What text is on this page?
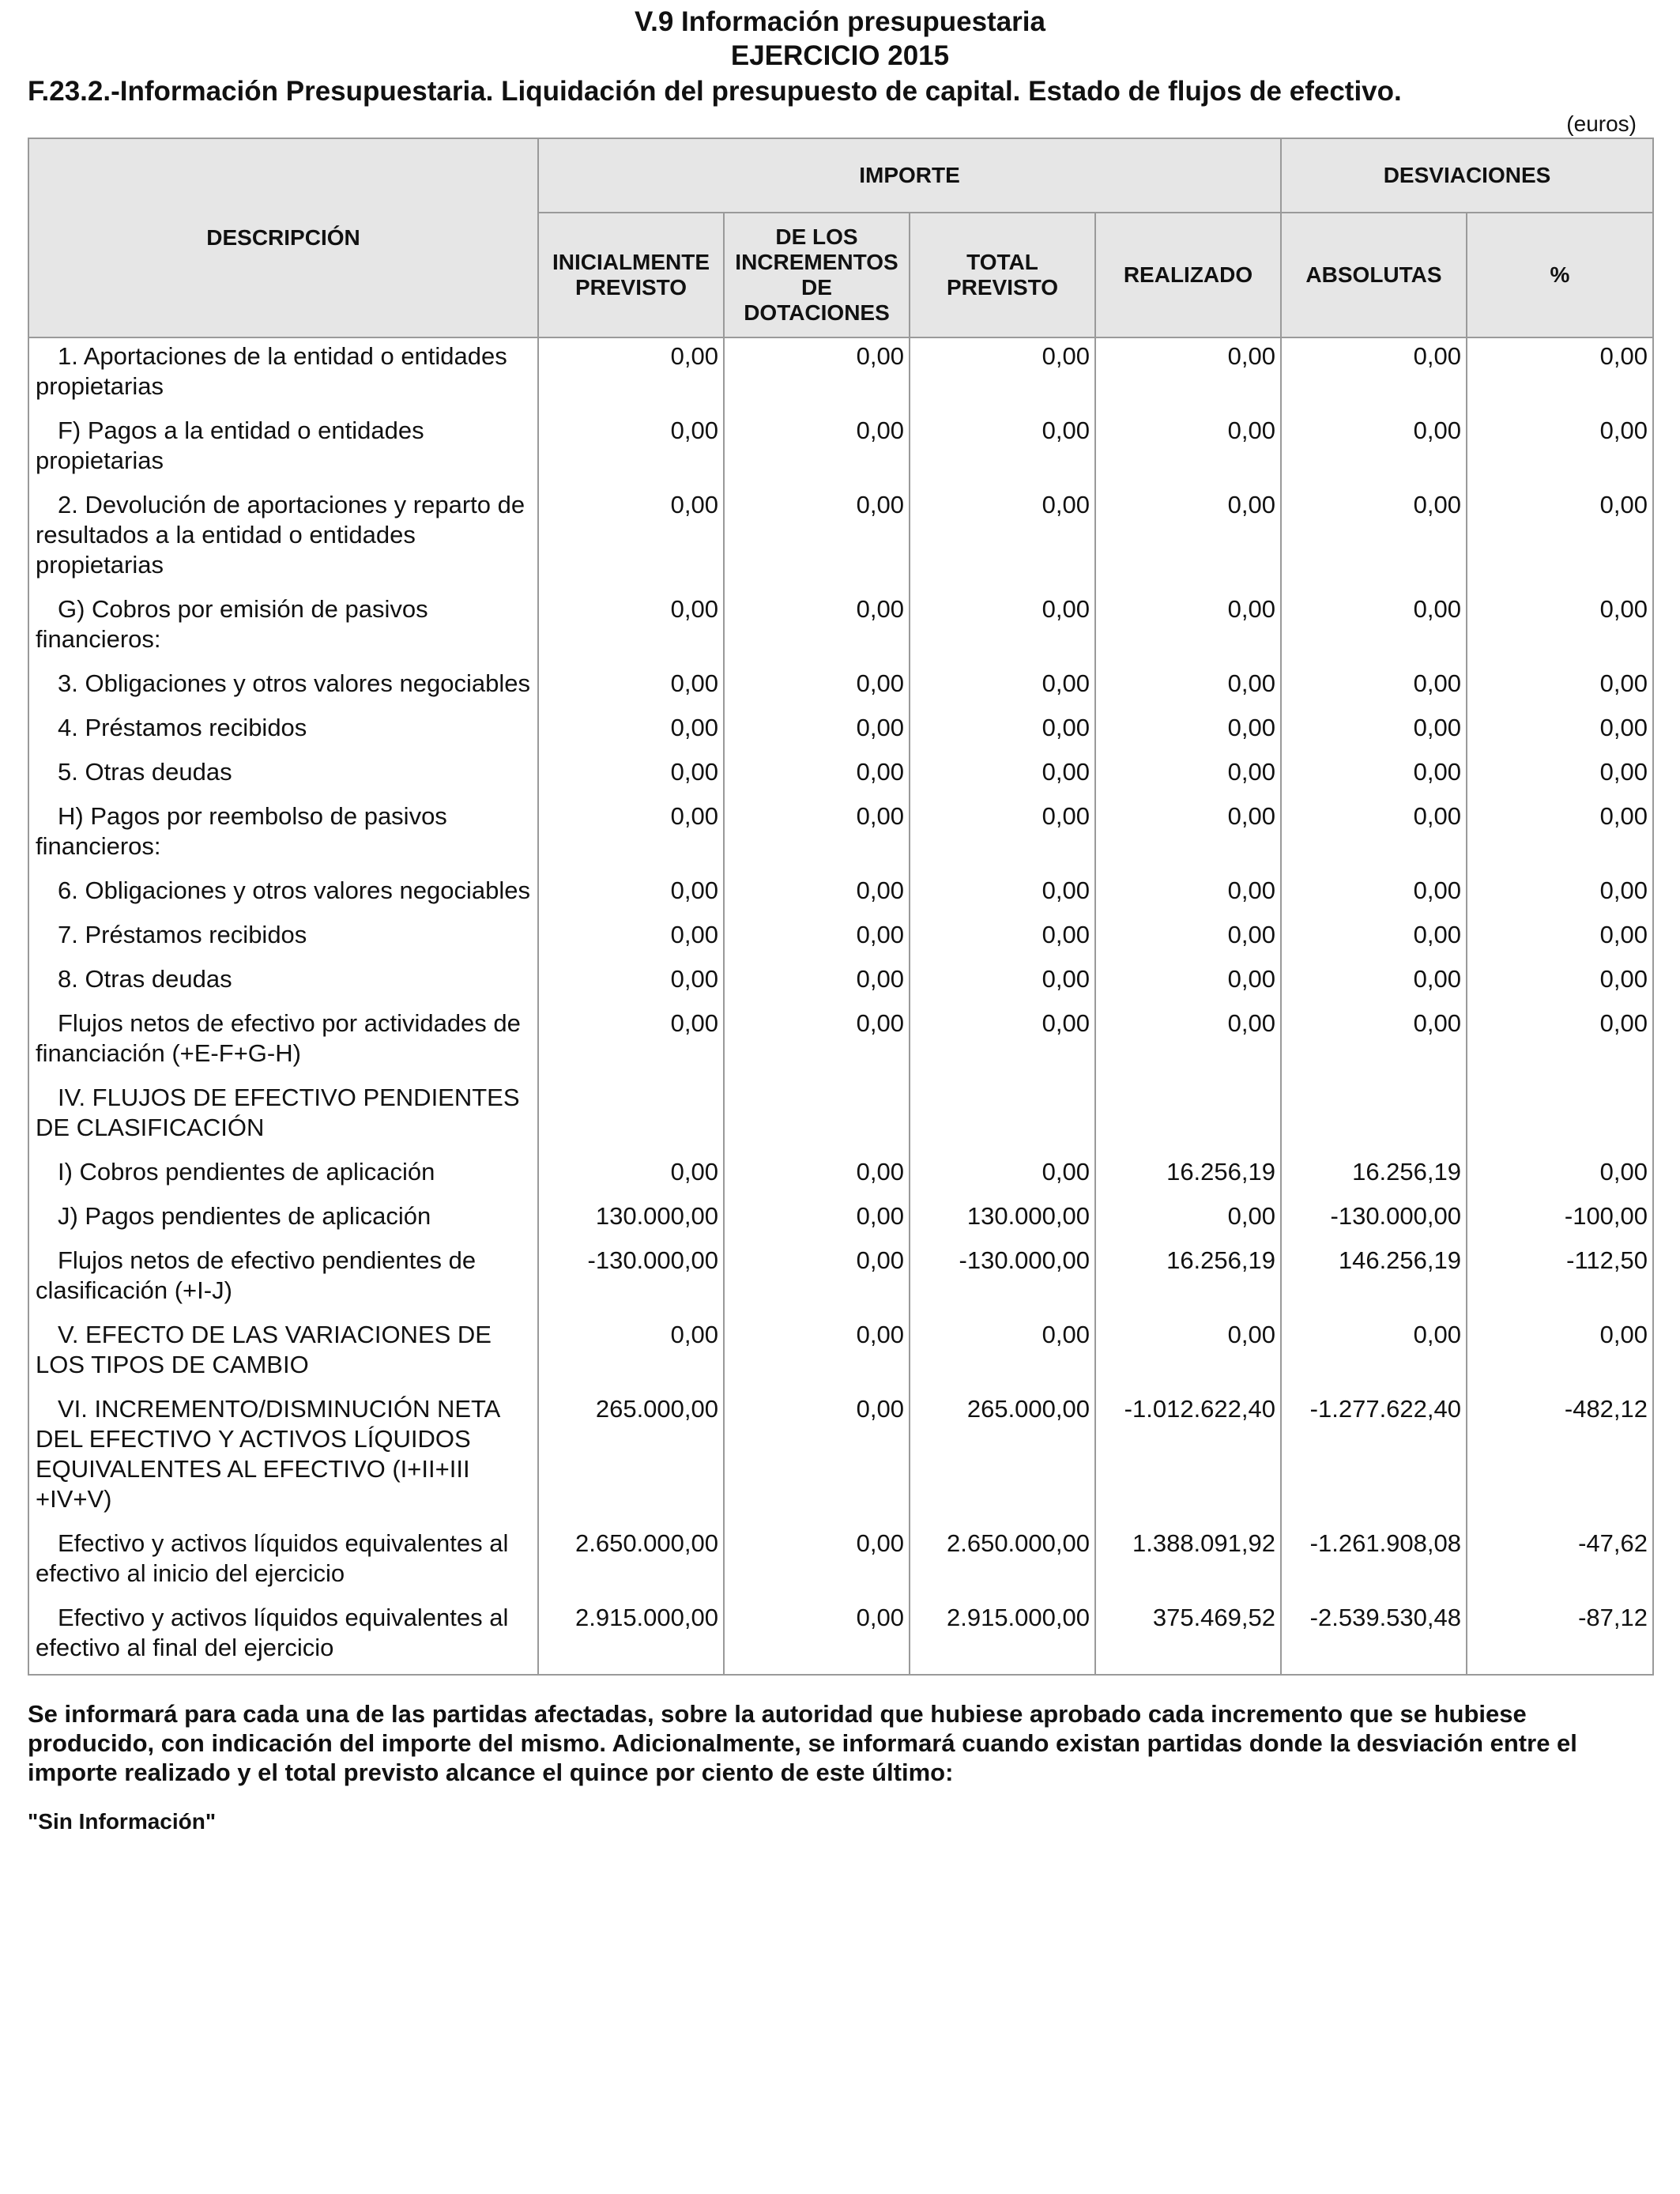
V.9 Información presupuestaria
EJERCICIO 2015
F.23.2.-Información Presupuestaria. Liquidación del presupuesto de capital. Estado de flujos de efectivo.
(euros)
DESCRIPCIÓN	IMPORTE				DESVIACIONES	
	INICIALMENTE PREVISTO	DE LOS INCREMENTOS DE DOTACIONES	TOTAL PREVISTO	REALIZADO	ABSOLUTAS	%
1. Aportaciones de la entidad o entidades propietarias	0,00	0,00	0,00	0,00	0,00	0,00
F) Pagos a la entidad o entidades propietarias	0,00	0,00	0,00	0,00	0,00	0,00
2. Devolución de aportaciones y reparto de resultados a la entidad o entidades propietarias	0,00	0,00	0,00	0,00	0,00	0,00
G) Cobros por emisión de pasivos financieros:	0,00	0,00	0,00	0,00	0,00	0,00
3. Obligaciones y otros valores negociables	0,00	0,00	0,00	0,00	0,00	0,00
4. Préstamos recibidos	0,00	0,00	0,00	0,00	0,00	0,00
5. Otras deudas	0,00	0,00	0,00	0,00	0,00	0,00
H) Pagos por reembolso de pasivos financieros:	0,00	0,00	0,00	0,00	0,00	0,00
6. Obligaciones y otros valores negociables	0,00	0,00	0,00	0,00	0,00	0,00
7. Préstamos recibidos	0,00	0,00	0,00	0,00	0,00	0,00
8. Otras deudas	0,00	0,00	0,00	0,00	0,00	0,00
Flujos netos de efectivo por actividades de financiación (+E-F+G-H)	0,00	0,00	0,00	0,00	0,00	0,00
IV. FLUJOS DE EFECTIVO PENDIENTES DE CLASIFICACIÓN						
I) Cobros pendientes de aplicación	0,00	0,00	0,00	16.256,19	16.256,19	0,00
J) Pagos pendientes de aplicación	130.000,00	0,00	130.000,00	0,00	-130.000,00	-100,00
Flujos netos de efectivo pendientes de clasificación (+I-J)	-130.000,00	0,00	-130.000,00	16.256,19	146.256,19	-112,50
V. EFECTO DE LAS VARIACIONES DE LOS TIPOS DE CAMBIO	0,00	0,00	0,00	0,00	0,00	0,00
VI. INCREMENTO/DISMINUCIÓN NETA DEL EFECTIVO Y ACTIVOS LÍQUIDOS EQUIVALENTES AL EFECTIVO (I+II+III +IV+V)	265.000,00	0,00	265.000,00	-1.012.622,40	-1.277.622,40	-482,12
Efectivo y activos líquidos equivalentes al efectivo al inicio del ejercicio	2.650.000,00	0,00	2.650.000,00	1.388.091,92	-1.261.908,08	-47,62
Efectivo y activos líquidos equivalentes al efectivo al final del ejercicio	2.915.000,00	0,00	2.915.000,00	375.469,52	-2.539.530,48	-87,12
Se informará para cada una de las partidas afectadas, sobre la autoridad que hubiese aprobado cada incremento que se hubiese producido, con indicación del importe del mismo. Adicionalmente, se informará cuando existan partidas donde la desviación entre el importe realizado y el total previsto alcance el quince por ciento de este último:
"Sin Información"
